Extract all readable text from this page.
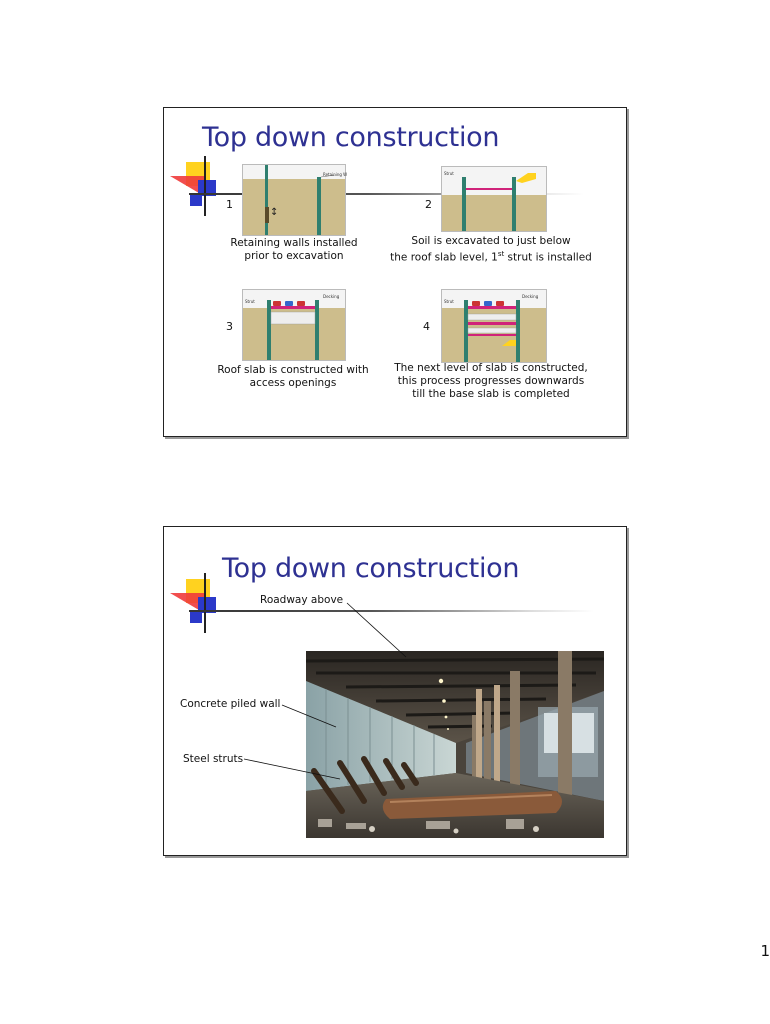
Top down construction
Retaining W
↕
1
Retaining walls installed
prior to excavation
Strut
2
Soil is excavated to just below
the roof slab level, 1st strut is installed
Strut
Decking
3
Roof slab is constructed with
access openings
Strut
Decking
4
The next level of slab is constructed,
this process progresses downwards
till the base slab is completed
Top down construction
Roadway above
Concrete piled wall
Steel struts
1
